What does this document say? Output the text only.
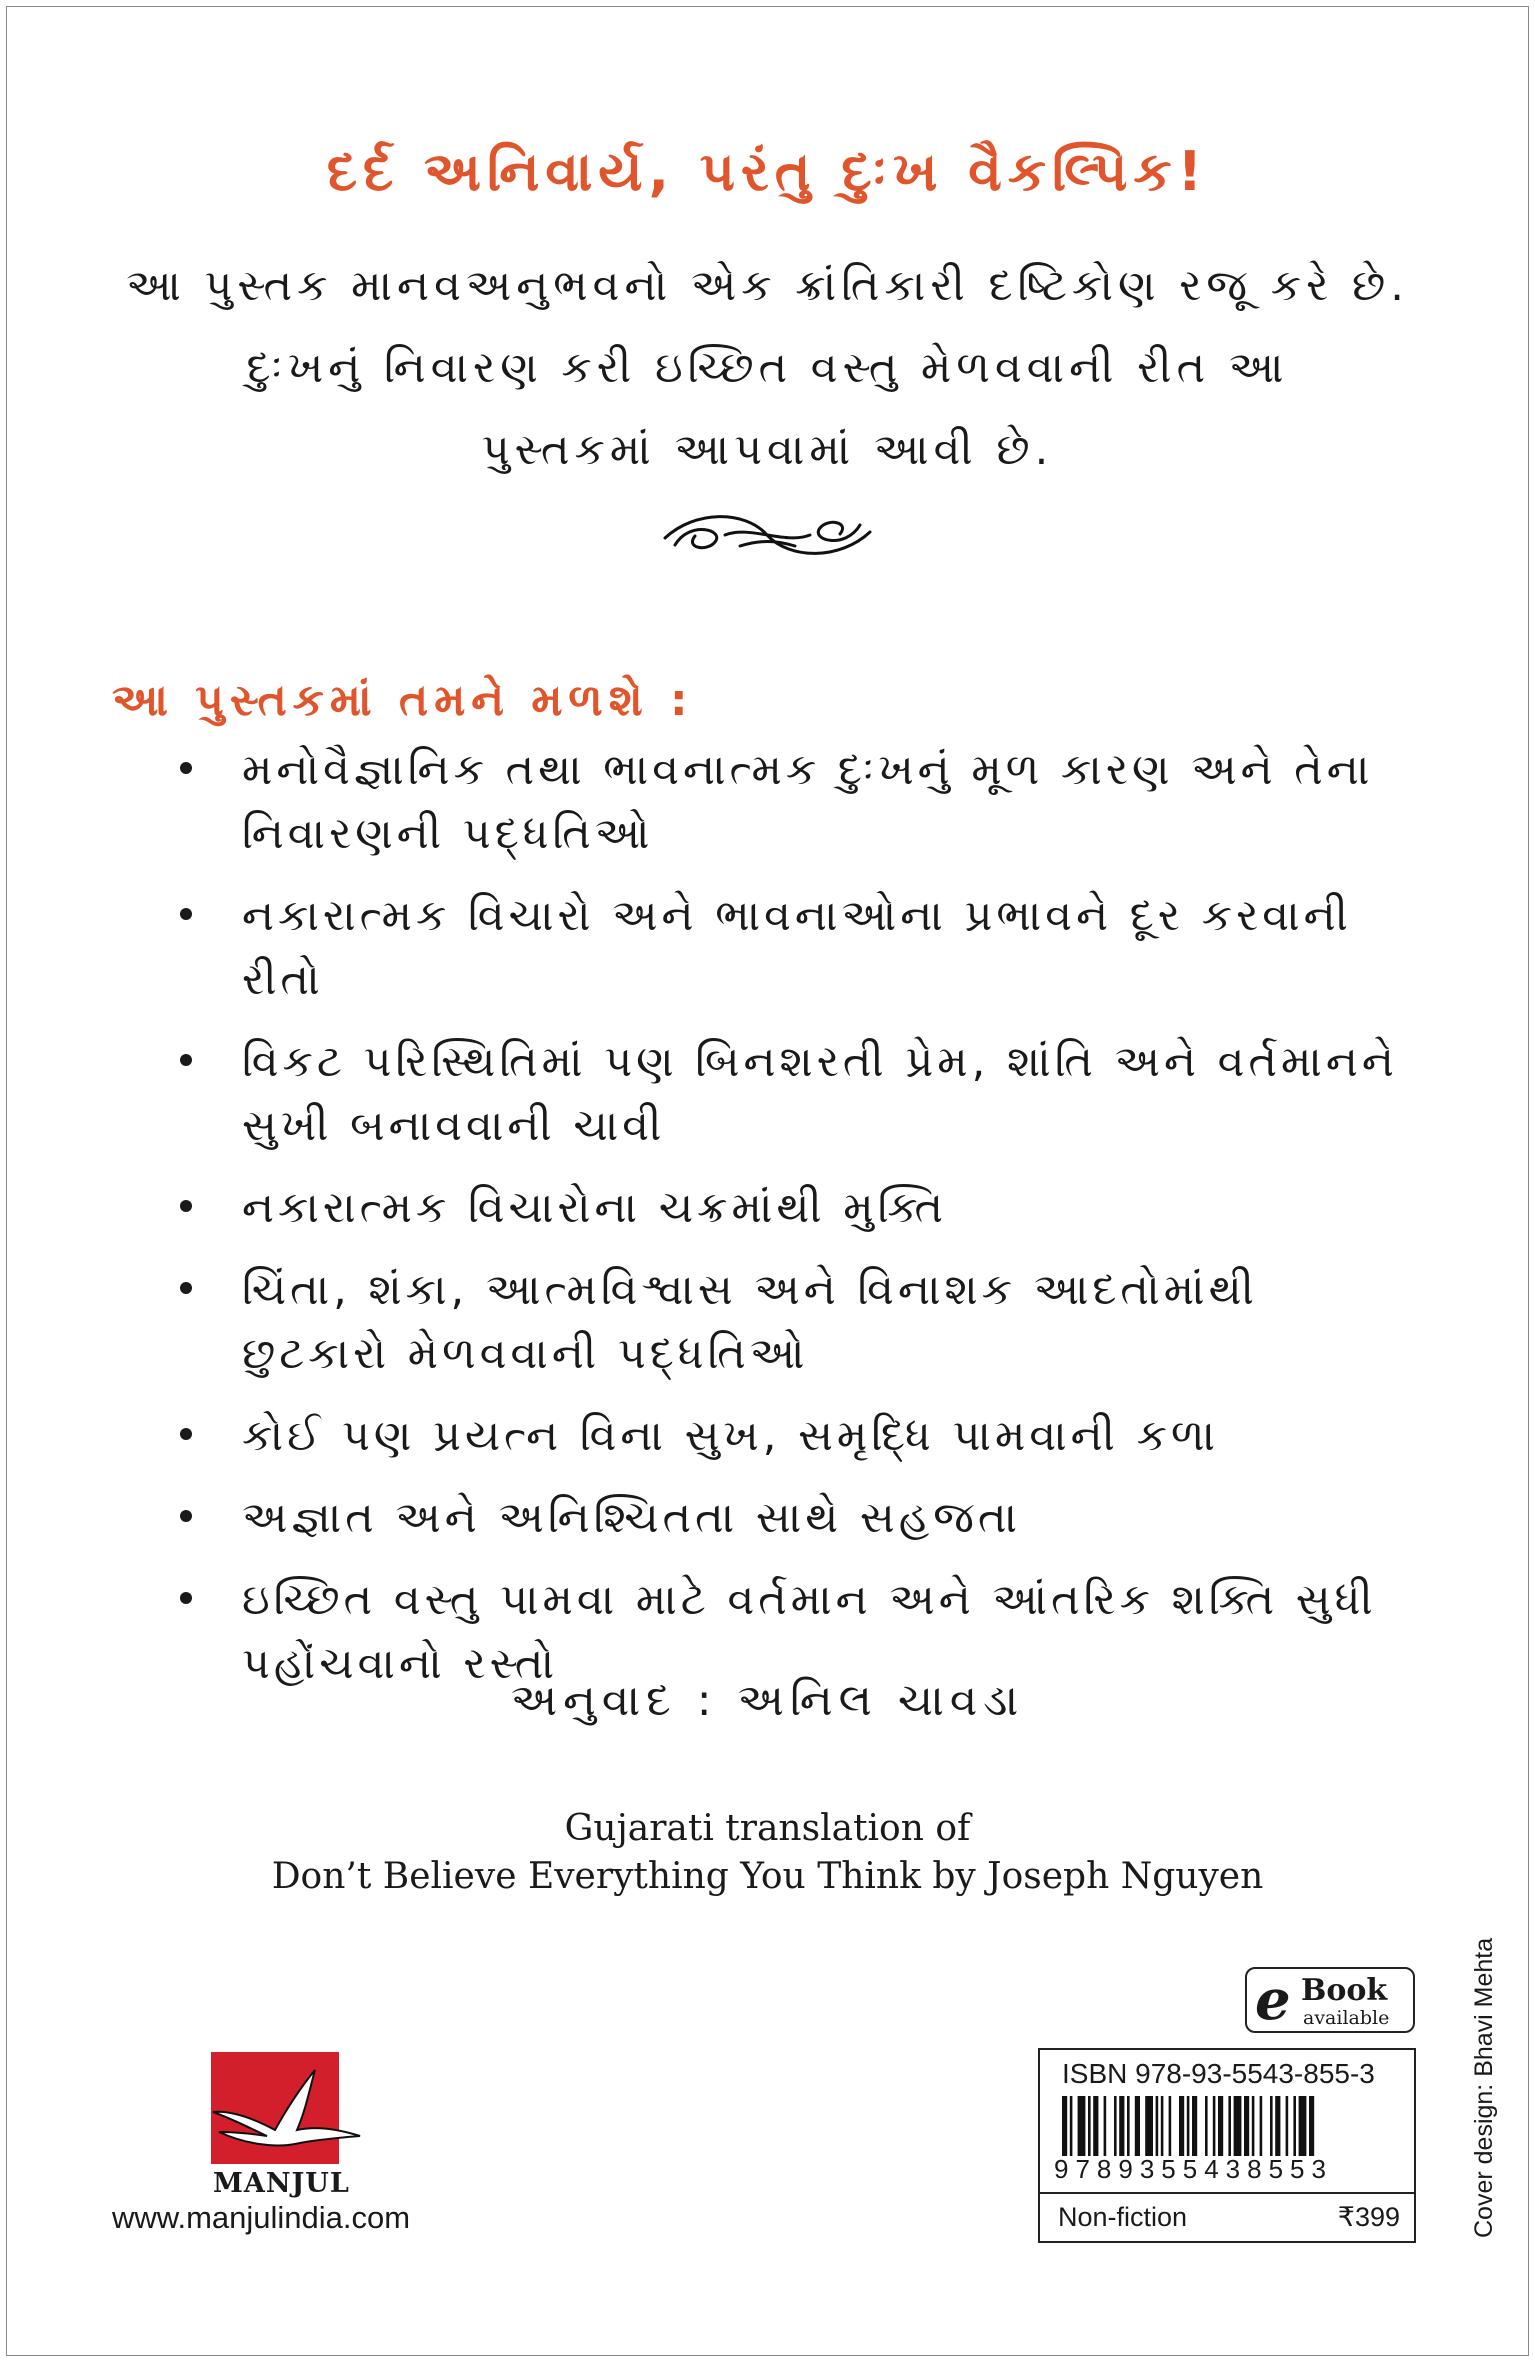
દર્દ અનિવાર્ય, પરંતુ દુઃખ વૈકલ્પિક!
આ પુસ્તક માનવઅનુભવનો એક ક્રાંતિકારી દષ્ટિકોણ રજૂ કરે છે.
દુઃખનું નિવારણ કરી ઇચ્છિત વસ્તુ મેળવવાની રીત આ
પુસ્તકમાં આપવામાં આવી છે.
આ પુસ્તકમાં તમને મળશે :
મનોવૈજ્ઞાનિક તથા ભાવનાત્મક દુઃખનું મૂળ કારણ અને તેના નિવારણની પદ્ધતિઓ
નકારાત્મક વિચારો અને ભાવનાઓના પ્રભાવને દૂર કરવાની રીતો
વિકટ પરિસ્થિતિમાં પણ બિનશરતી પ્રેમ, શાંતિ અને વર્તમાનને સુખી બનાવવાની ચાવી
નકારાત્મક વિચારોના ચક્રમાંથી મુક્તિ
ચિંતા, શંકા, આત્મવિશ્વાસ અને વિનાશક આદતોમાંથી છુટકારો મેળવવાની પદ્ધતિઓ
કોઈ પણ પ્રયત્ન વિના સુખ, સમૃદ્ધિ પામવાની કળા
અજ્ઞાત અને અનિશ્ચિતતા સાથે સહજતા
ઇચ્છિત વસ્તુ પામવા માટે વર્તમાન અને આંતરિક શક્તિ સુધી પહોંચવાનો રસ્તો
અનુવાદ : અનિલ ચાવડા
Gujarati translation of
Don’t Believe Everything You Think by Joseph Nguyen
e Book
available
ISBN 978-93-5543-855-3
9789355438553
Non-fiction	₹399	Cover design: Bhavi Mehta
MANJUL
www.manjulindia.com
